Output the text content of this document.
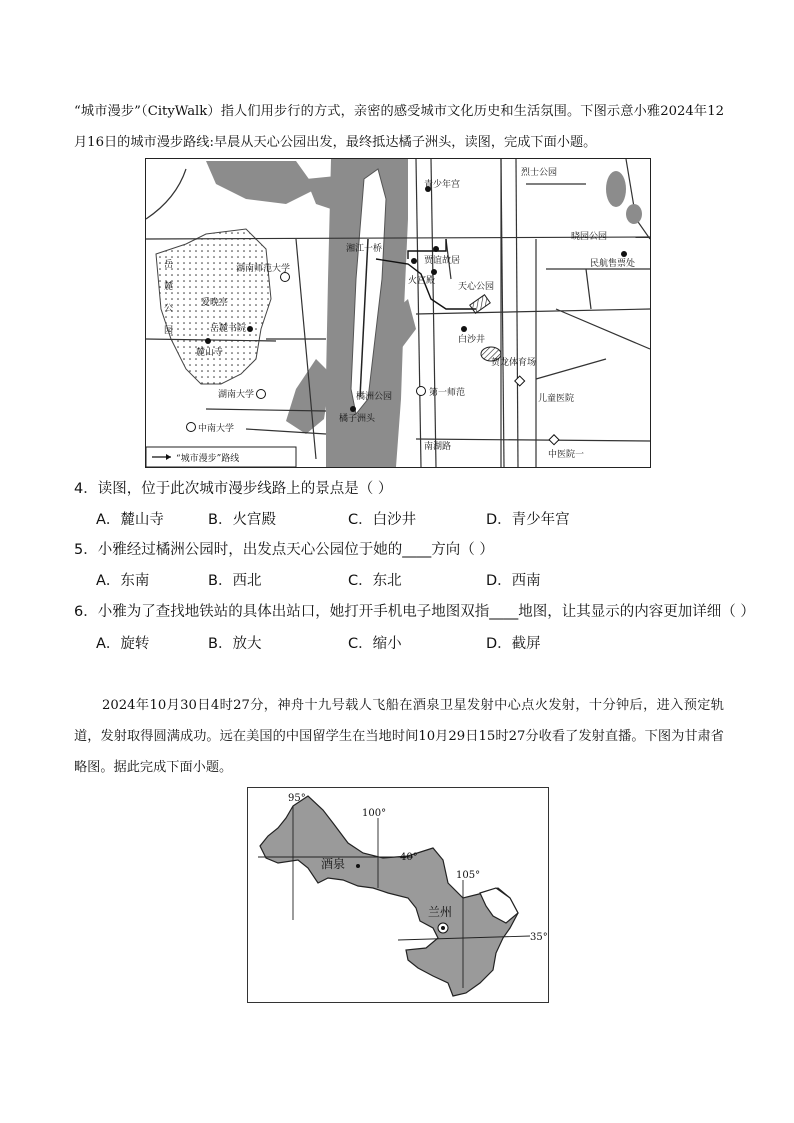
“城市漫步”（CityWalk）指人们用步行的方式，亲密的感受城市文化历史和生活氛围。下图示意小雅2024年12月16日的城市漫步路线:早晨从天心公园出发，最终抵达橘子洲头，读图，完成下面小题。
岳麓公园
湖南师范大学
爱晚亭
岳麓书院
麓山寺
湖南大学
中南大学
湘江一桥
橘洲公园
橘子洲头
青少年宫
贾谊故居
火宫殿
天心公园
白沙井
贺龙体育场
第一师范
烈士公园
晓园公园
民航售票处
儿童医院
中医院一
南湖路
“城市漫步”路线
4．读图，位于此次城市漫步线路上的景点是（ ）
A．麓山寺	B．火宫殿	C．白沙井	D．青少年宫
5．小雅经过橘洲公园时，出发点天心公园位于她的____方向（ ）
A．东南	B．西北	C．东北	D．西南
6．小雅为了查找地铁站的具体出站口，她打开手机电子地图双指____地图，让其显示的内容更加详细（ ）
A．旋转	B．放大	C．缩小	D．截屏
2024年10月30日4时27分，神舟十九号载人飞船在酒泉卫星发射中心点火发射，十分钟后，进入预定轨道，发射取得圆满成功。远在美国的中国留学生在当地时间10月29日15时27分收看了发射直播。下图为甘肃省略图。据此完成下面小题。
95°
100°
105°
40°
35°
酒泉
兰州
